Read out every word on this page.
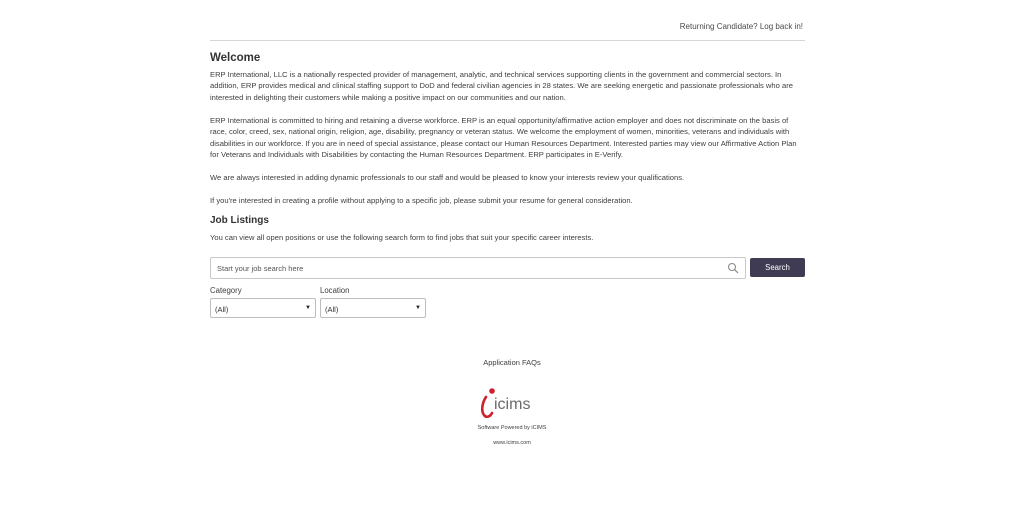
Returning Candidate? Log back in!
Welcome

ERP International, LLC is a nationally respected provider of management, analytic, and technical services supporting clients in the government and commercial sectors. In addition, ERP provides medical and clinical staffing support to DoD and federal civilian agencies in 28 states. We are seeking energetic and passionate professionals who are interested in delighting their customers while making a positive impact on our communities and our nation.

ERP International is committed to hiring and retaining a diverse workforce. ERP is an equal opportunity/affirmative action employer and does not discriminate on the basis of race, color, creed, sex, national origin, religion, age, disability, pregnancy or veteran status. We welcome the employment of women, minorities, veterans and individuals with disabilities in our workforce. If you are in need of special assistance, please contact our Human Resources Department. Interested parties may view our Affirmative Action Plan for Veterans and Individuals with Disabilities by contacting the Human Resources Department. ERP participates in E-Verify.

We are always interested in adding dynamic professionals to our staff and would be pleased to know your interests review your qualifications.

If you're interested in creating a profile without applying to a specific job, please submit your resume for general consideration.

Job Listings

You can view all open positions or use the following search form to find jobs that suit your specific career interests.

Start your job search here
Search
Category
(All)	▼
Location
(All)	▼
Application FAQs
icims
Software Powered by iCIMS
www.icims.com
